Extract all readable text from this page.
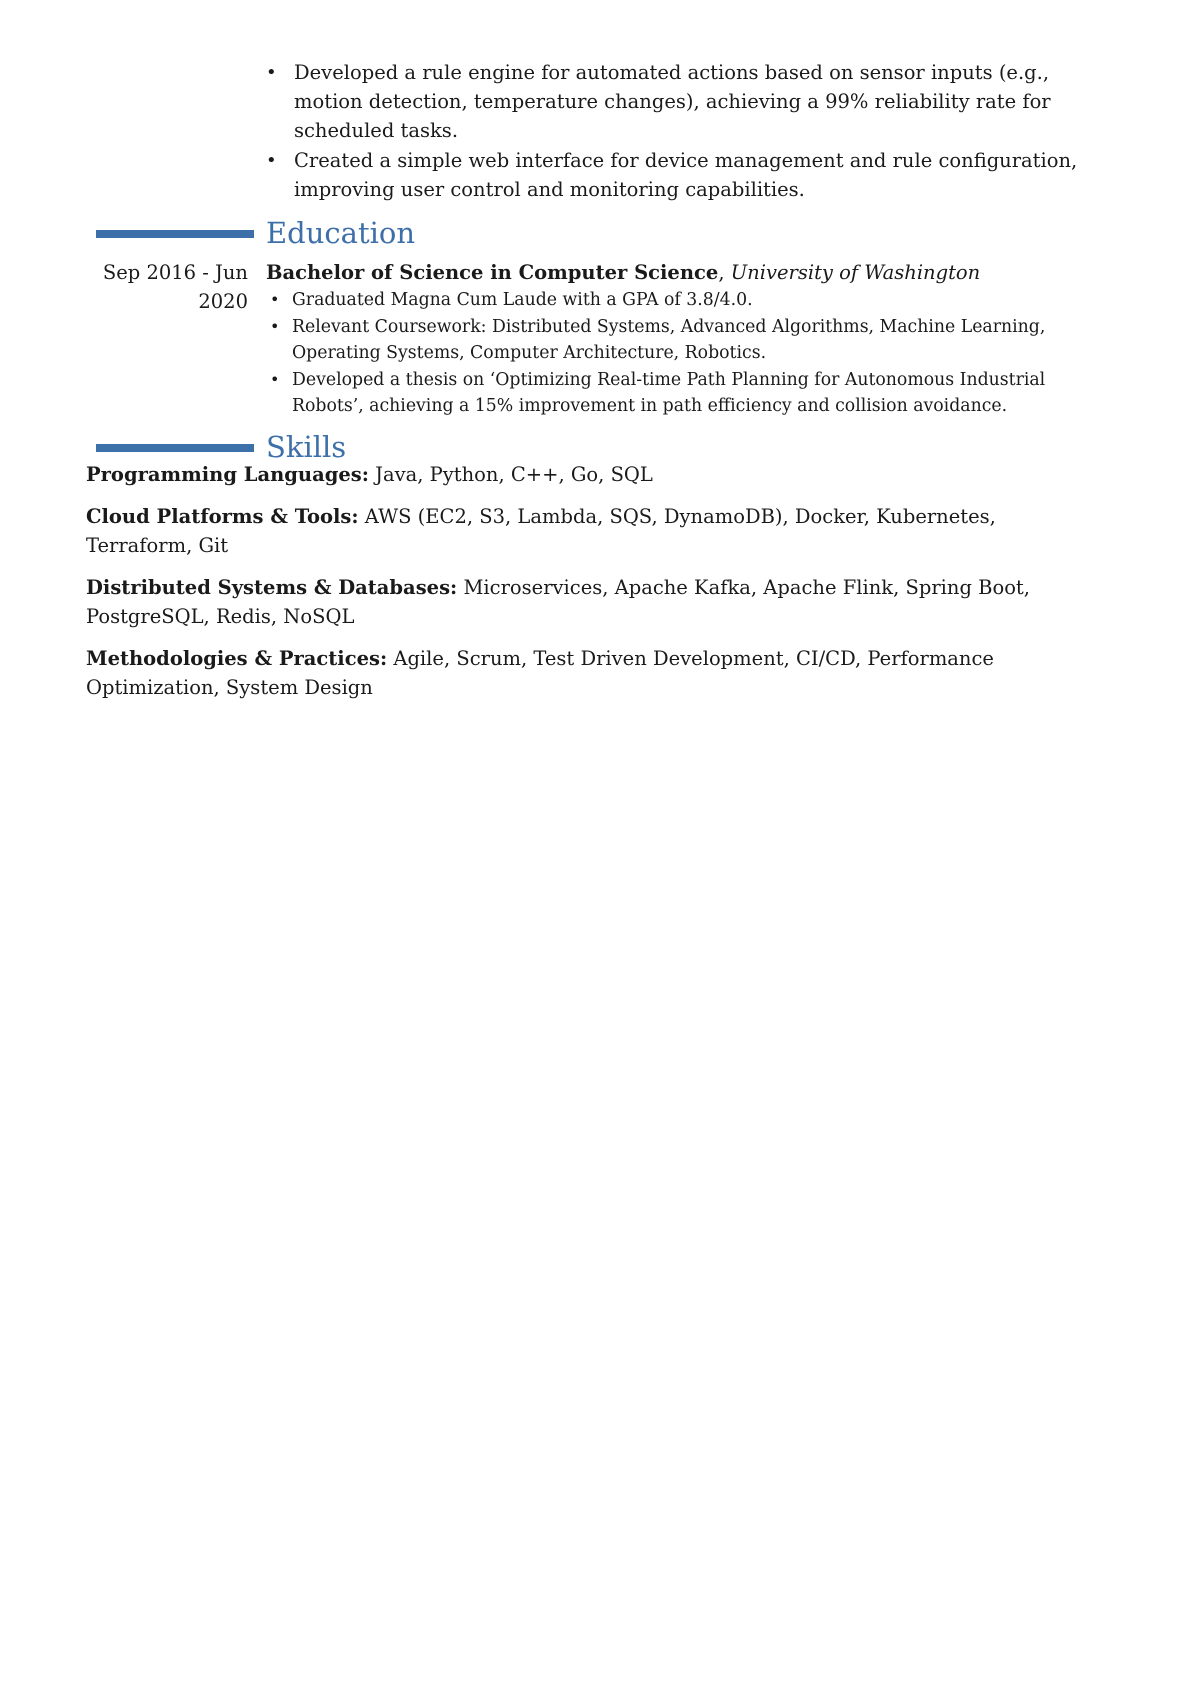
• Developed a rule engine for automated actions based on sensor inputs (e.g., motion detection, temperature changes), achieving a 99% reliability rate for scheduled tasks.
• Created a simple web interface for device management and rule configuration, improving user control and monitoring capabilities.
Education
Sep 2016 - Jun 2020
Bachelor of Science in Computer Science, University of Washington
• Graduated Magna Cum Laude with a GPA of 3.8/4.0.
• Relevant Coursework: Distributed Systems, Advanced Algorithms, Machine Learning, Operating Systems, Computer Architecture, Robotics.
• Developed a thesis on ‘Optimizing Real-time Path Planning for Autonomous Industrial Robots’, achieving a 15% improvement in path efficiency and collision avoidance.
Skills

Programming Languages: Java, Python, C++, Go, SQL

Cloud Platforms & Tools: AWS (EC2, S3, Lambda, SQS, DynamoDB), Docker, Kubernetes, Terraform, Git

Distributed Systems & Databases: Microservices, Apache Kafka, Apache Flink, Spring Boot, PostgreSQL, Redis, NoSQL

Methodologies & Practices: Agile, Scrum, Test Driven Development, CI/CD, Performance Optimization, System Design
